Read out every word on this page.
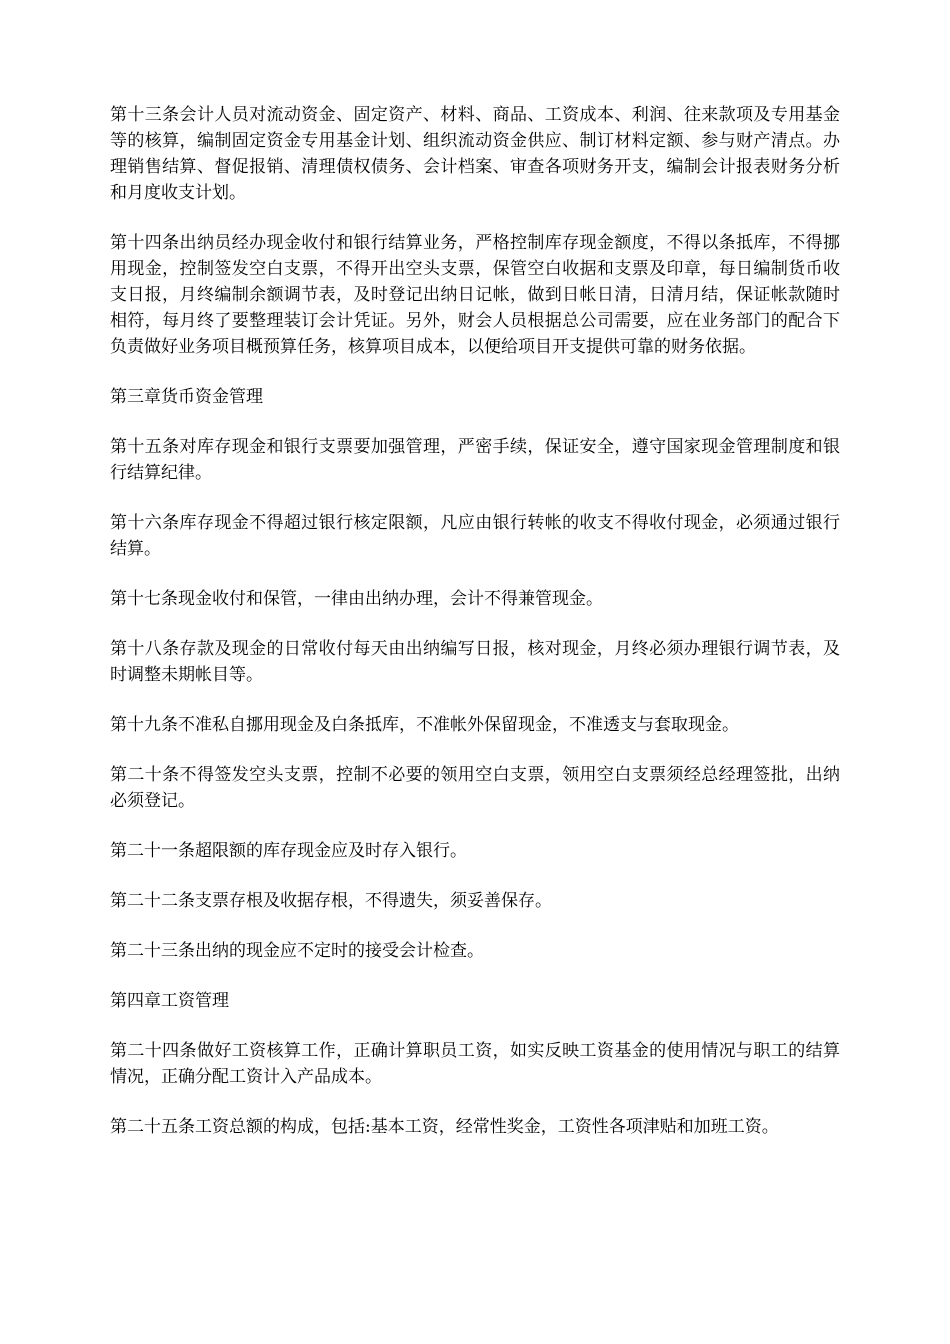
第十三条会计人员对流动资金、固定资产、材料、商品、工资成本、利润、往来款项及专用基金等的核算，编制固定资金专用基金计划、组织流动资金供应、制订材料定额、参与财产清点。办理销售结算、督促报销、清理债权债务、会计档案、审查各项财务开支，编制会计报表财务分析和月度收支计划。

第十四条出纳员经办现金收付和银行结算业务，严格控制库存现金额度，不得以条抵库，不得挪用现金，控制签发空白支票，不得开出空头支票，保管空白收据和支票及印章，每日编制货币收支日报，月终编制余额调节表，及时登记出纳日记帐，做到日帐日清，日清月结，保证帐款随时相符，每月终了要整理装订会计凭证。另外，财会人员根据总公司需要，应在业务部门的配合下负责做好业务项目概预算任务，核算项目成本，以便给项目开支提供可靠的财务依据。

第三章货币资金管理

第十五条对库存现金和银行支票要加强管理，严密手续，保证安全，遵守国家现金管理制度和银行结算纪律。

第十六条库存现金不得超过银行核定限额，凡应由银行转帐的收支不得收付现金，必须通过银行结算。

第十七条现金收付和保管，一律由出纳办理，会计不得兼管现金。

第十八条存款及现金的日常收付每天由出纳编写日报，核对现金，月终必须办理银行调节表，及时调整未期帐目等。

第十九条不准私自挪用现金及白条抵库，不准帐外保留现金，不准透支与套取现金。

第二十条不得签发空头支票，控制不必要的领用空白支票，领用空白支票须经总经理签批，出纳必须登记。

第二十一条超限额的库存现金应及时存入银行。

第二十二条支票存根及收据存根，不得遗失，须妥善保存。

第二十三条出纳的现金应不定时的接受会计检查。

第四章工资管理

第二十四条做好工资核算工作，正确计算职员工资，如实反映工资基金的使用情况与职工的结算情况，正确分配工资计入产品成本。

第二十五条工资总额的构成，包括:基本工资，经常性奖金，工资性各项津贴和加班工资。
